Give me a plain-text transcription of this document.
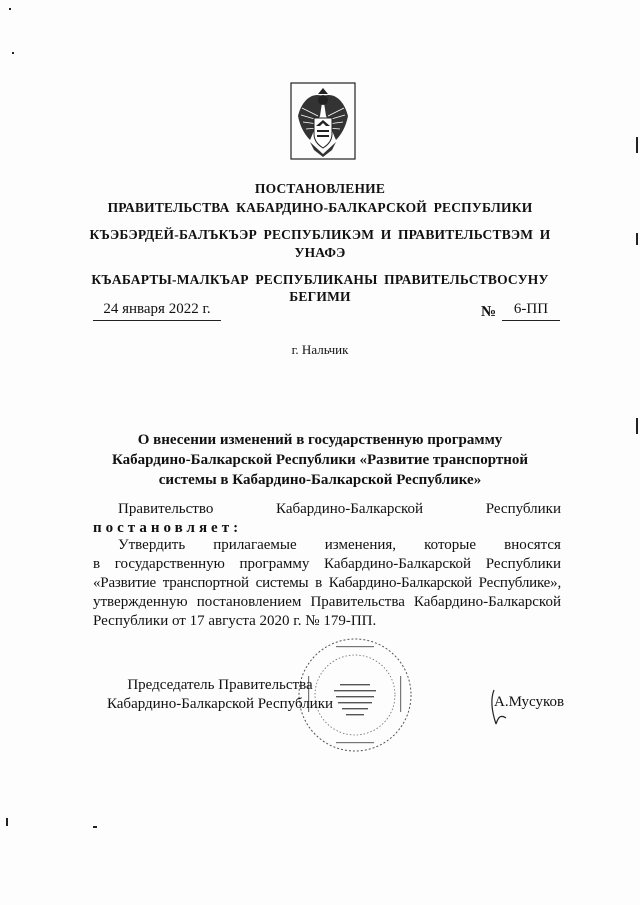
ПОСТАНОВЛЕНИЕ
ПРАВИТЕЛЬСТВА КАБАРДИНО-БАЛКАРСКОЙ РЕСПУБЛИКИ
КЪЭБЭРДЕЙ-БАЛЪКЪЭР РЕСПУБЛИКЭМ И ПРАВИТЕЛЬСТВЭМ И
УНАФЭ
КЪАБАРТЫ-МАЛКЪАР РЕСПУБЛИКАНЫ ПРАВИТЕЛЬСТВОСУНУ
БЕГИМИ
24 января 2022 г.	№	6-ПП
г. Нальчик
О внесении изменений в государственную программу
Кабардино-Балкарской Республики «Развитие транспортной
системы в Кабардино-Балкарской Республике»
Правительство	Кабардино-Балкарской	Республики
постановляет:
Утвердить прилагаемые изменения, которые вносятся
в государственную программу Кабардино-Балкарской Республики
«Развитие транспортной системы в Кабардино-Балкарской Республике»,
утвержденную постановлением Правительства Кабардино-Балкарской
Республики от 17 августа 2020 г. № 179-ПП.
Председатель Правительства
Кабардино-Балкарской Республики	А.Мусуков
